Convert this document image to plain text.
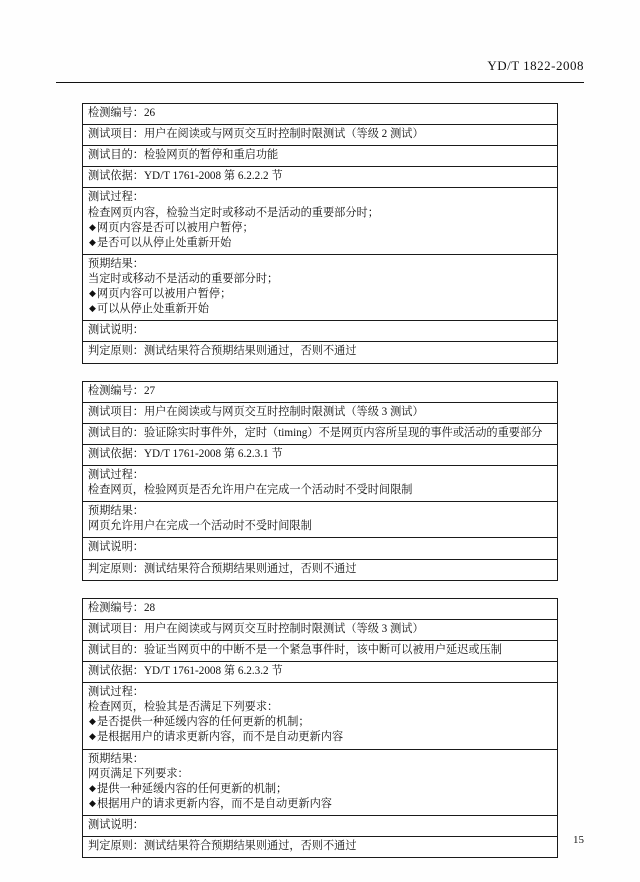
YD/T 1822-2008
检测编号：26

测试项目：用户在阅读或与网页交互时控制时限测试（等级 2 测试）

测试目的：检验网页的暂停和重启功能

测试依据：YD/T 1761-2008 第 6.2.2.2 节

测试过程：
检查网页内容，检验当定时或移动不是活动的重要部分时；
◆ 网页内容是否可以被用户暂停；
◆ 是否可以从停止处重新开始

预期结果：
当定时或移动不是活动的重要部分时；
◆ 网页内容可以被用户暂停；
◆ 可以从停止处重新开始

测试说明：

判定原则：测试结果符合预期结果则通过，否则不通过
检测编号：27

测试项目：用户在阅读或与网页交互时控制时限测试（等级 3 测试）

测试目的：验证除实时事件外，定时（timing）不是网页内容所呈现的事件或活动的重要部分

测试依据：YD/T 1761-2008 第 6.2.3.1 节

测试过程：
检查网页，检验网页是否允许用户在完成一个活动时不受时间限制

预期结果：
网页允许用户在完成一个活动时不受时间限制

测试说明：

判定原则：测试结果符合预期结果则通过，否则不通过
检测编号：28

测试项目：用户在阅读或与网页交互时控制时限测试（等级 3 测试）

测试目的：验证当网页中的中断不是一个紧急事件时，该中断可以被用户延迟或压制

测试依据：YD/T 1761-2008 第 6.2.3.2 节

测试过程：
检查网页，检验其是否满足下列要求：
◆ 是否提供一种延缓内容的任何更新的机制；
◆ 是根据用户的请求更新内容，而不是自动更新内容

预期结果：
网页满足下列要求：
◆ 提供一种延缓内容的任何更新的机制；
◆ 根据用户的请求更新内容，而不是自动更新内容

测试说明：

判定原则：测试结果符合预期结果则通过，否则不通过
15
